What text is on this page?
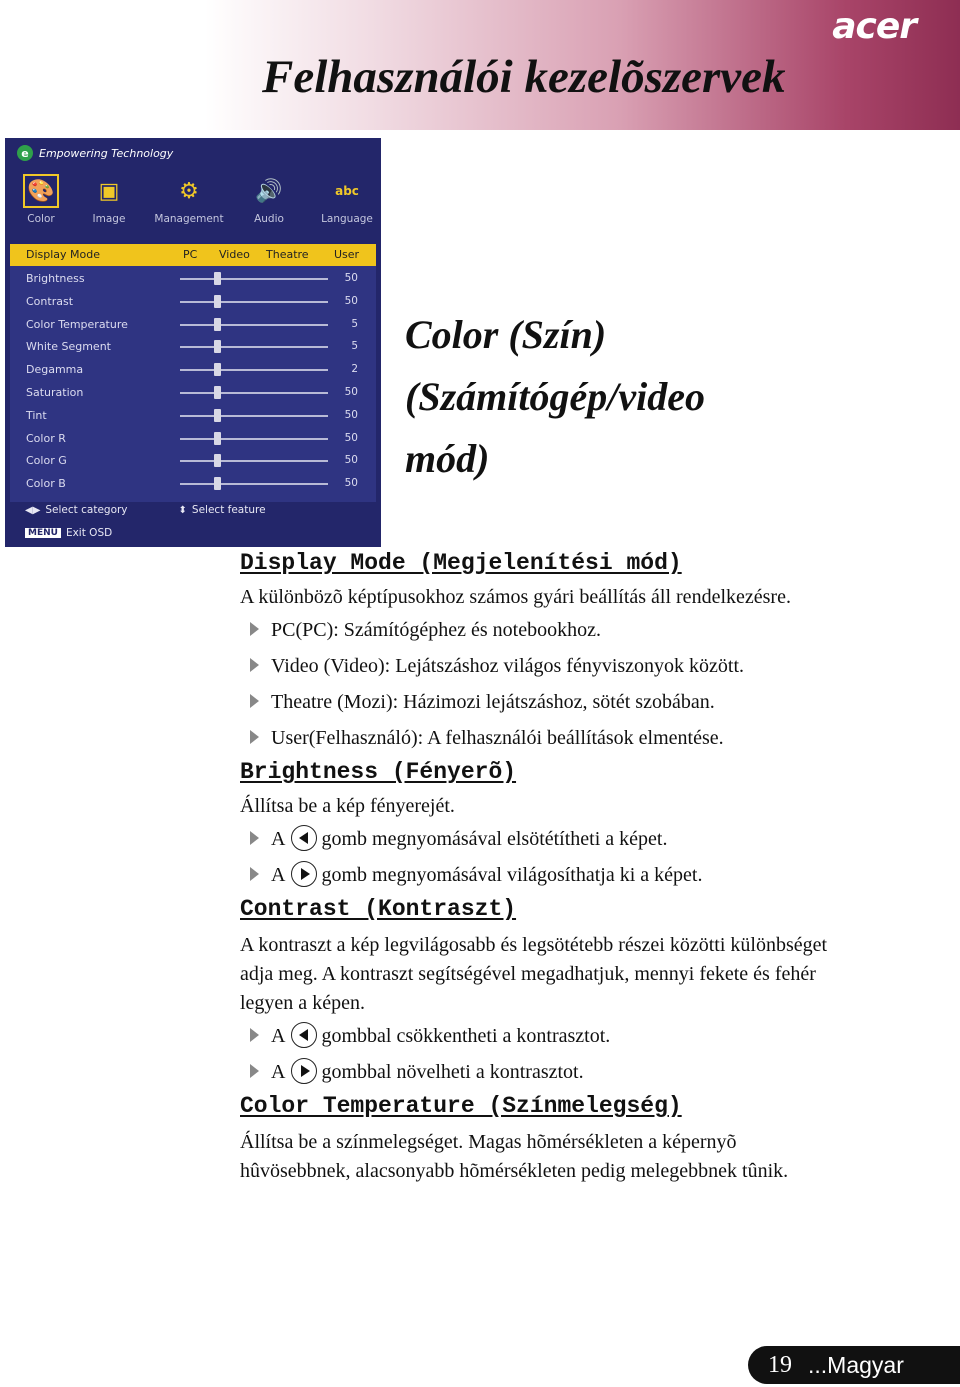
acer
Felhasználói kezelõszervek
e Empowering Technology
🎨
Color
▣
Image
⚙
Management
🔊
Audio
abc
Language
Display Mode	PC Video Theatre User
Brightness	50
Contrast	50
Color Temperature	5
White Segment	5
Degamma	2
Saturation	50
Tint	50
Color R	50
Color G	50
Color B	50
◀▶ Select category	⬍ Select feature
MENU Exit OSD
Color (Szín)
(Számítógép/video
mód)
Display Mode (Megjelenítési mód)
A különbözõ képtípusokhoz számos gyári beállítás áll rendelkezésre.
PC(PC): Számítógéphez és notebookhoz.
Video (Video): Lejátszáshoz világos fényviszonyok között.
Theatre (Mozi): Házimozi lejátszáshoz, sötét szobában.
User(Felhasználó): A felhasználói beállítások elmentése.
Brightness (Fényerõ)
Állítsa be a kép fényerejét.
A gomb megnyomásával elsötétítheti a képet.
A gomb megnyomásával világosíthatja ki a képet.
Contrast (Kontraszt)
A kontraszt a kép legvilágosabb és legsötétebb részei közötti különbséget
adja meg. A kontraszt segítségével megadhatjuk, mennyi fekete és fehér
legyen a képen.
A gombbal csökkentheti a kontrasztot.
A gombbal növelheti a kontrasztot.
Color Temperature (Színmelegség)
Állítsa be a színmelegséget. Magas hõmérsékleten a képernyõ
hûvösebbnek, alacsonyabb hõmérsékleten pedig melegebbnek tûnik.
19 ...Magyar
